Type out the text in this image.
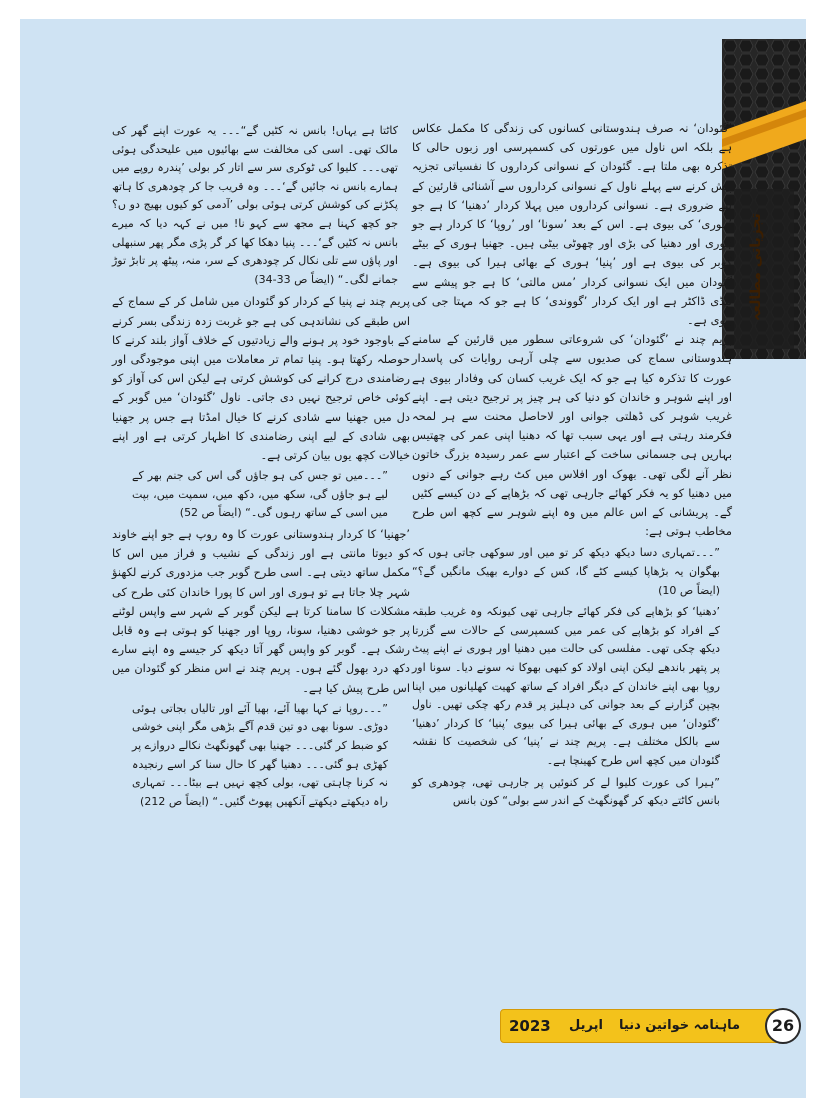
تجزیاتی مطالعہ

’گئودان‘ نہ صرف ہندوستانی کسانوں کی زندگی کا مکمل عکاس ہے بلکہ اس ناول میں عورتوں کی کسمپرسی اور زبوں حالی کا تذکرہ بھی ملتا ہے۔ گئودان کے نسوانی کرداروں کا نفسیاتی تجزیہ پیش کرنے سے پہلے ناول کے نسوانی کرداروں سے آشنائی قارئین کے لیے ضروری ہے۔ نسوانی کرداروں میں پہلا کردار ’دھنیا‘ کا ہے جو ’ہوری‘ کی بیوی ہے۔ اس کے بعد ’سونا‘ اور ’روپا‘ کا کردار ہے جو ہوری اور دھنیا کی بڑی اور چھوٹی بیٹی ہیں۔ جھنیا ہوری کے بیٹے گوبر کی بیوی ہے اور ’پنیا‘ ہوری کے بھائی ہیرا کی بیوی ہے۔ گئودان میں ایک نسوانی کردار ’مس مالتی‘ کا ہے جو پیشے سے لیڈی ڈاکٹر ہے اور ایک کردار ’گووندی‘ کا ہے جو کہ مہتا جی کی بیوی ہے۔

پریم چند نے ’گئودان‘ کی شروعاتی سطور میں قارئین کے سامنے ہندوستانی سماج کی صدیوں سے چلی آرہی روایات کی پاسدار عورت کا تذکرہ کیا ہے جو کہ ایک غریب کسان کی وفادار بیوی ہے اور اپنے شوہر و خاندان کو دنیا کی ہر چیز پر ترجیح دیتی ہے۔ اپنے غریب شوہر کی ڈھلتی جوانی اور لاحاصل محنت سے ہر لمحہ فکرمند رہتی ہے اور یہی سبب تھا کہ دھنیا اپنی عمر کی چھتیس بہاریں ہی جسمانی ساخت کے اعتبار سے عمر رسیدہ بزرگ خاتون نظر آنے لگی تھی۔ بھوک اور افلاس میں کٹ رہے جوانی کے دنوں میں دھنیا کو یہ فکر کھائے جارہی تھی کہ بڑھاپے کے دن کیسے کٹیں گے۔ پریشانی کے اس عالم میں وہ اپنے شوہر سے کچھ اس طرح مخاطب ہوتی ہے:

”۔۔۔تمہاری دسا دیکھ دیکھ کر تو میں اور سوکھی جاتی ہوں کہ بھگوان یہ بڑھاپا کیسے کٹے گا، کس کے دوارے بھیک مانگیں گے؟“ (ایضاً ص 10)

’دھنیا‘ کو بڑھاپے کی فکر کھائے جارہی تھی کیونکہ وہ غریب طبقہ کے افراد کو بڑھاپے کی عمر میں کسمپرسی کے حالات سے گزرتا دیکھ چکی تھی۔ مفلسی کی حالت میں دھنیا اور ہوری نے اپنے پیٹ پر پتھر باندھے لیکن اپنی اولاد کو کبھی بھوکا نہ سونے دیا۔ سونا اور روپا بھی اپنے خاندان کے دیگر افراد کے ساتھ کھیت کھلیانوں میں اپنا بچپن گزارنے کے بعد جوانی کی دہلیز پر قدم رکھ چکی تھیں۔ ناول ’گئودان‘ میں ہوری کے بھائی ہیرا کی بیوی ’پنیا‘ کا کردار ’دھنیا‘ سے بالکل مختلف ہے۔ پریم چند نے ’پنیا‘ کی شخصیت کا نقشہ گئودان میں کچھ اس طرح کھینچا ہے۔

”ہیرا کی عورت کلیوا لے کر کنوئیں پر جارہی تھی، چودھری کو بانس کاٹتے دیکھ کر گھونگھٹ کے اندر سے بولی“ کون بانس

کاٹتا ہے یہاں! بانس نہ کٹیں گے“۔۔۔ یہ عورت اپنے گھر کی مالک تھی۔ اسی کی مخالفت سے بھائیوں میں علیحدگی ہوئی تھی۔۔۔ کلیوا کی ٹوکری سر سے اتار کر بولی ’پندرہ روپے میں ہمارے بانس نہ جائیں گے‘۔۔۔ وہ قریب جا کر چودھری کا ہاتھ پکڑنے کی کوشش کرتی ہوئی بولی ’آدمی کو کیوں بھیج دو ں؟ جو کچھ کہنا ہے مجھ سے کہو نا! میں نے کہہ دیا کہ میرے بانس نہ کٹیں گے‘۔۔۔ پنیا دھکا کھا کر گر پڑی مگر پھر سنبھلی اور پاؤں سے تلی نکال کر چودھری کے سر، منہ، پیٹھ پر تابڑ توڑ جمانے لگی۔“ (ایضاً ص 33-34)

پریم چند نے پنیا کے کردار کو گئودان میں شامل کر کے سماج کے اس طبقے کی نشاندہی کی ہے جو غربت زدہ زندگی بسر کرنے کے باوجود خود پر ہونے والے زیادتیوں کے خلاف آواز بلند کرنے کا حوصلہ رکھتا ہو۔ پنیا تمام تر معاملات میں اپنی موجودگی اور رضامندی درج کرانے کی کوشش کرتی ہے لیکن اس کی آواز کو کوئی خاص ترجیح نہیں دی جاتی۔ ناول ’گئودان‘ میں گوبر کے دل میں جھنیا سے شادی کرنے کا خیال امڈتا ہے جس پر جھنیا بھی شادی کے لیے اپنی رضامندی کا اظہار کرتی ہے اور اپنے خیالات کچھ یوں بیان کرتی ہے۔

”۔۔۔میں تو جس کی ہو جاؤں گی اس کی جنم بھر کے لیے ہو جاؤں گی، سکھ میں، دکھ میں، سمپت میں، بپت میں اسی کے ساتھ رہوں گی۔“ (ایضاً ص 52)

’جھنیا‘ کا کردار ہندوستانی عورت کا وہ روپ ہے جو اپنے خاوند کو دیوتا مانتی ہے اور زندگی کے نشیب و فراز میں اس کا مکمل ساتھ دیتی ہے۔ اسی طرح گوبر جب مزدوری کرنے لکھنؤ شہر چلا جاتا ہے تو ہوری اور اس کا پورا خاندان کئی طرح کی مشکلات کا سامنا کرتا ہے لیکن گوبر کے شہر سے واپس لوٹنے پر جو خوشی دھنیا، سونا، روپا اور جھنیا کو ہوتی ہے وہ قابل رشک ہے۔ گوبر کو واپس گھر آتا دیکھ کر جیسے وہ اپنے سارے دکھ درد بھول گئے ہوں۔ پریم چند نے اس منظر کو گئودان میں اس طرح پیش کیا ہے۔

”۔۔۔روپا نے کہا بھیا آئے، بھیا آئے اور تالیاں بجاتی ہوئی دوڑی۔ سونا بھی دو تین قدم آگے بڑھی مگر اپنی خوشی کو ضبط کر گئی۔۔۔ جھنیا بھی گھونگھٹ نکالے دروازے پر کھڑی ہو گئی۔۔۔ دھنیا گھر کا حال سنا کر اسے رنجیدہ نہ کرنا چاہتی تھی، بولی کچھ نہیں ہے بیٹا۔۔۔ تمہاری راہ دیکھتے دیکھتے آنکھیں پھوٹ گئیں۔“ (ایضاً ص 212)

2023 اپریل ماہنامہ خواتین دنیا	26
